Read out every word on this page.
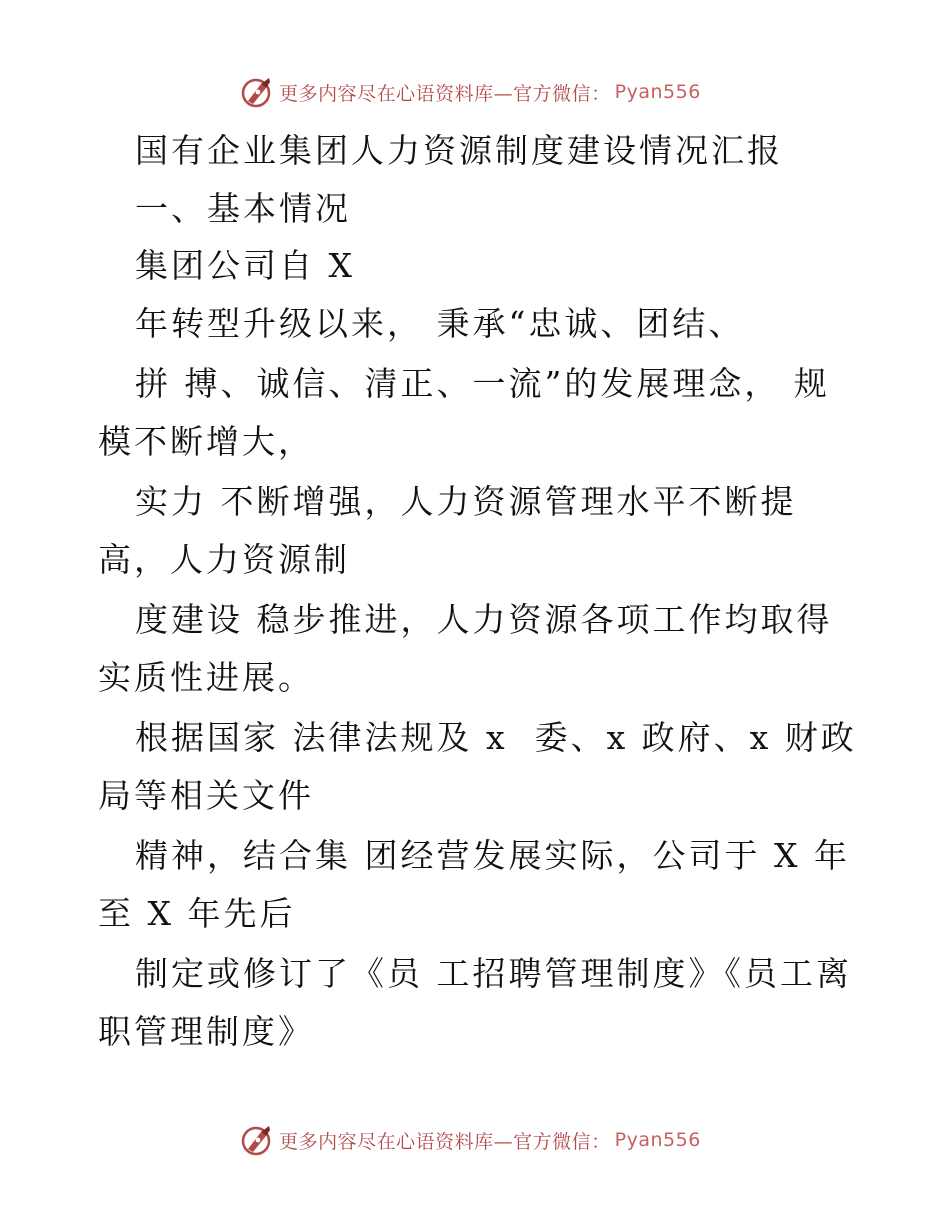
更多内容尽在心语资料库—官方微信： Pyan556

国有企业集团人力资源制度建设情况汇报

一、基本情况

集团公司自 X

年转型升级以来， 秉承“忠诚、团结、

拼 搏、诚信、清正、一流”的发展理念， 规模不断增大，

实力 不断增强，人力资源管理水平不断提高，人力资源制

度建设 稳步推进，人力资源各项工作均取得实质性进展。

根据国家 法律法规及 x  委、x 政府、x 财政局等相关文件

精神，结合集 团经营发展实际，公司于 X 年至 X 年先后

制定或修订了《员 工招聘管理制度》《员工离职管理制度》

更多内容尽在心语资料库—官方微信： Pyan556
